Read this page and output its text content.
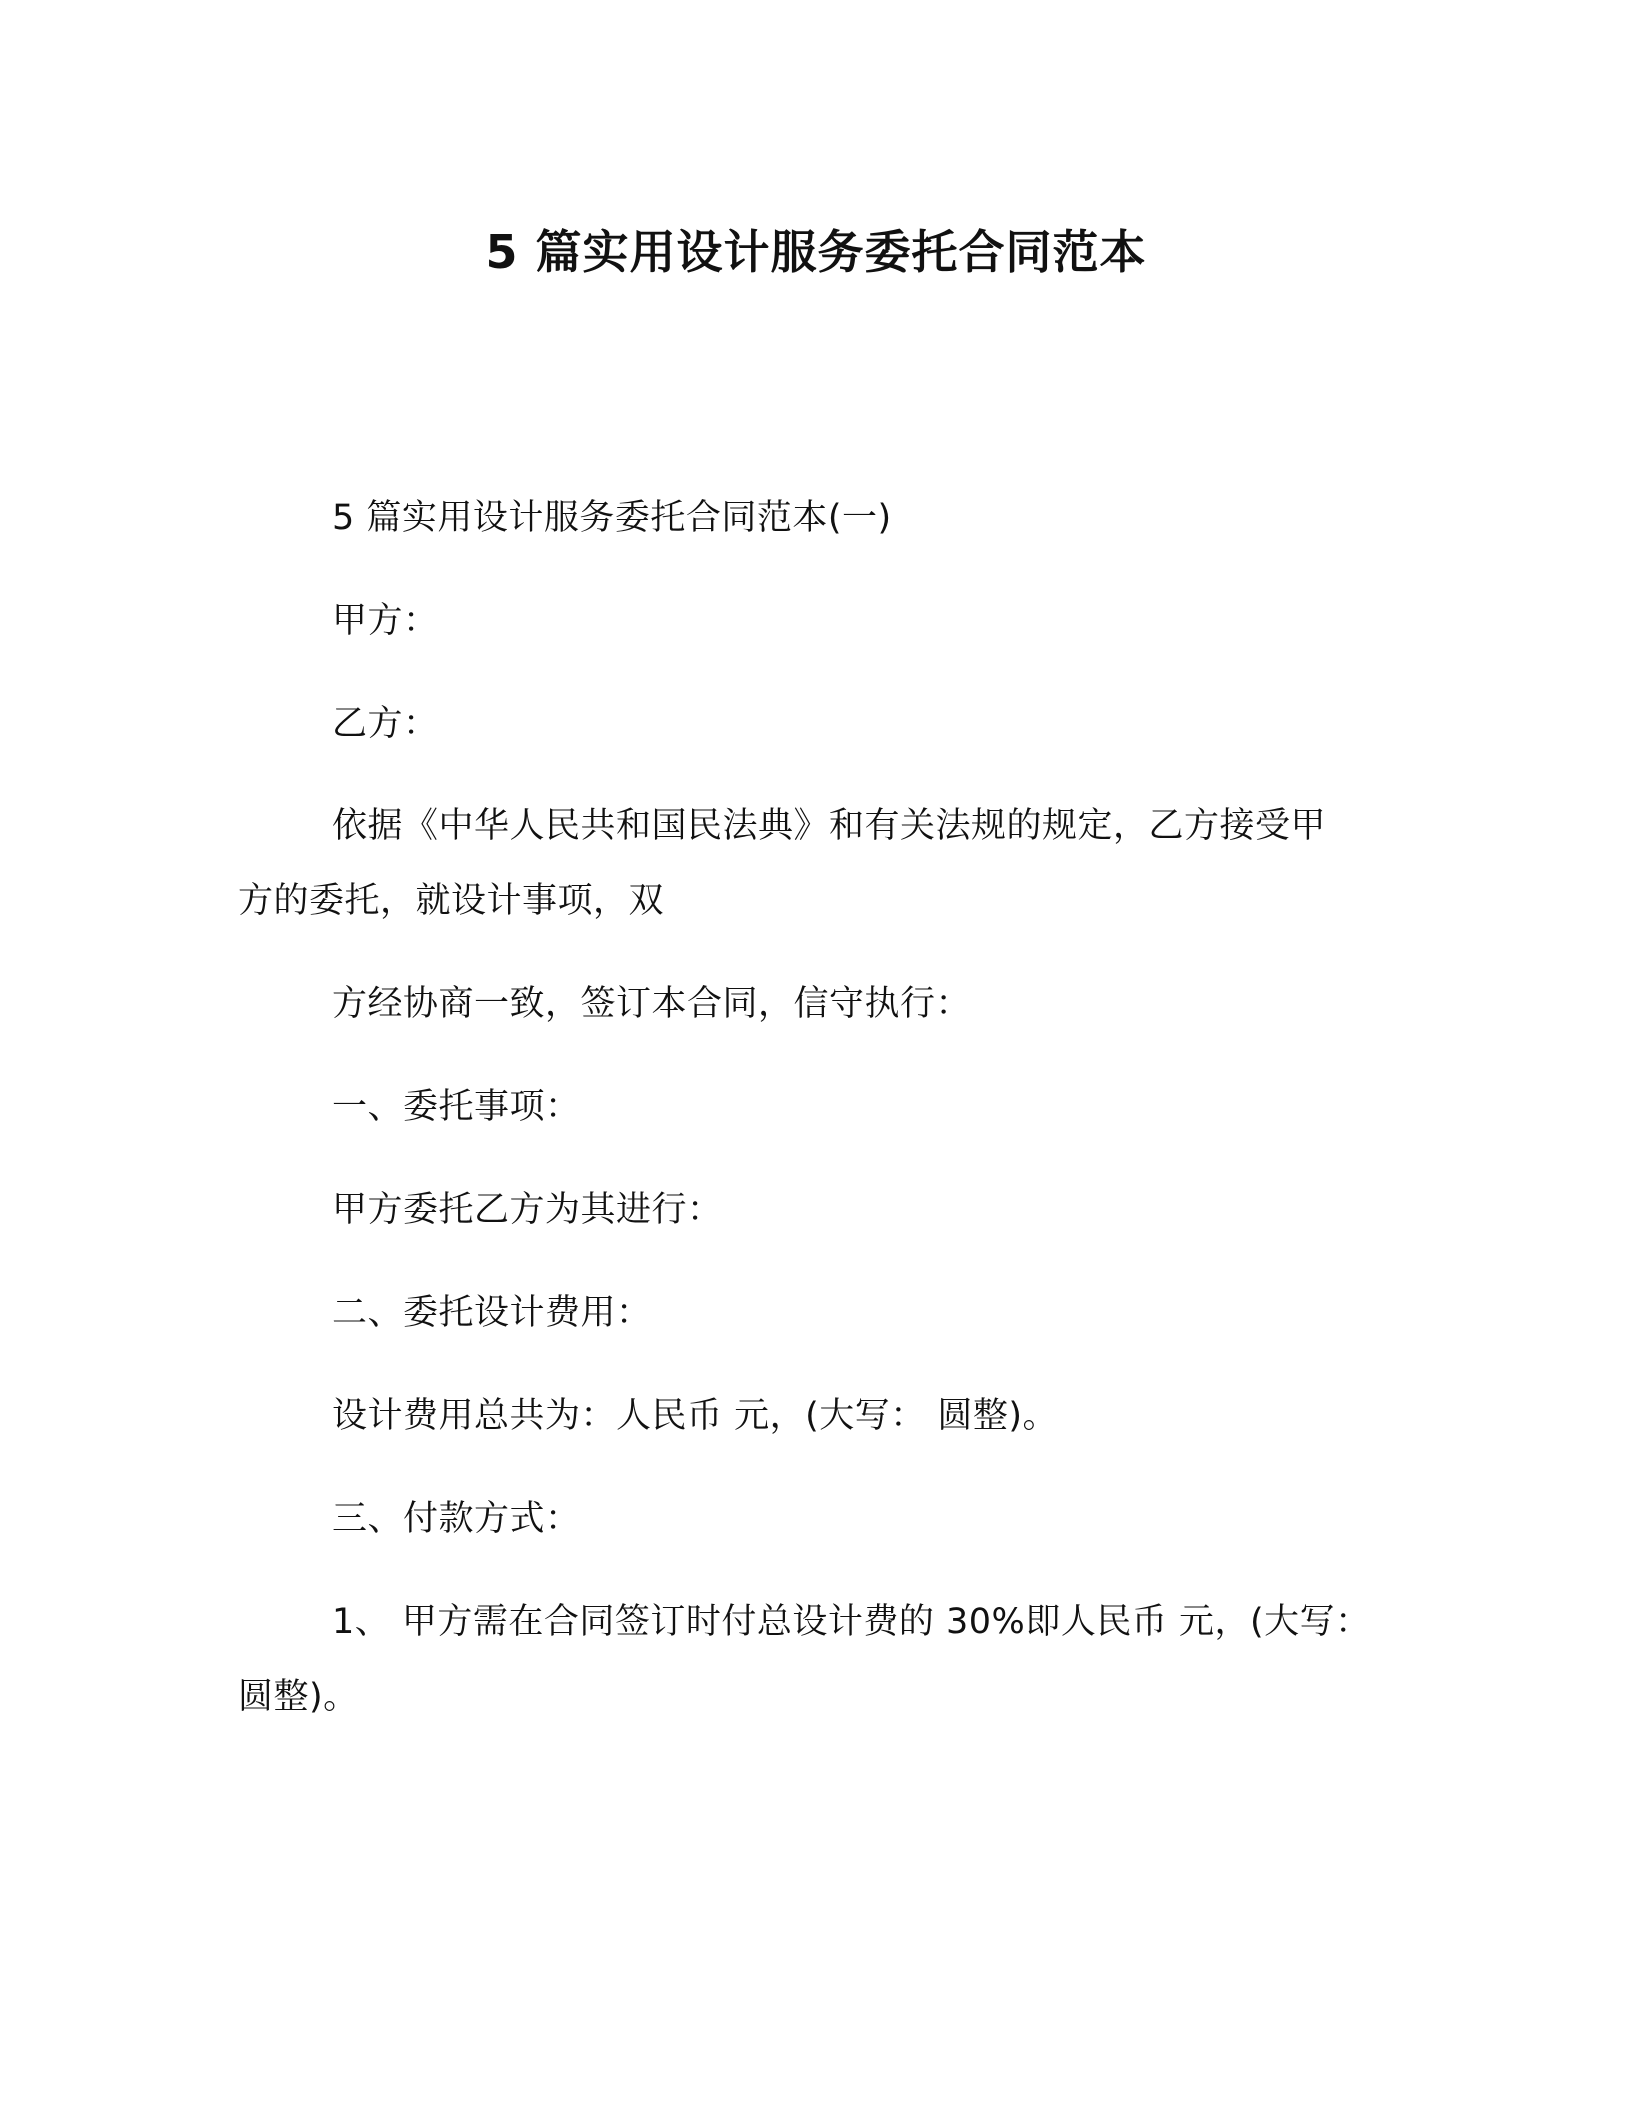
5 篇实用设计服务委托合同范本
5 篇实用设计服务委托合同范本(一)
甲方：
乙方：
依据《中华人民共和国民法典》和有关法规的规定，乙方接受甲
方的委托，就设计事项，双
方经协商一致，签订本合同，信守执行：
一、委托事项：
甲方委托乙方为其进行：
二、委托设计费用：
设计费用总共为：人民币 元，(大写： 圆整)。
三、付款方式：
1、 甲方需在合同签订时付总设计费的 30%即人民币 元，(大写：
圆整)。
